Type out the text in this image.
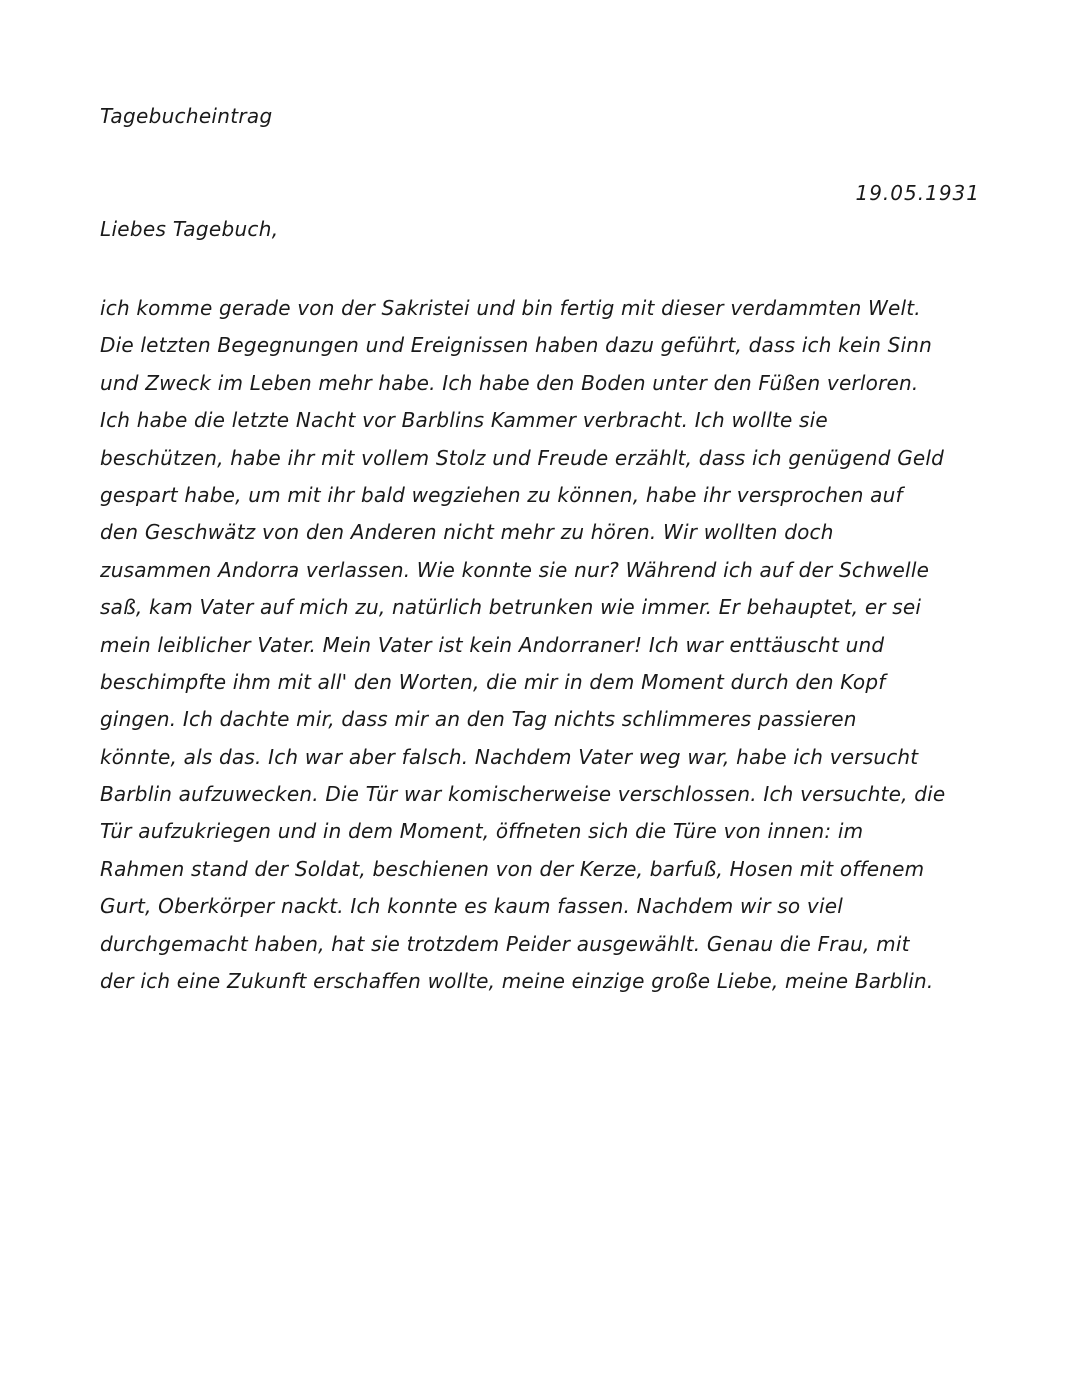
Tagebucheintrag
19.05.1931
Liebes Tagebuch,
ich komme gerade von der Sakristei und bin fertig mit dieser verdammten Welt.
Die letzten Begegnungen und Ereignissen haben dazu geführt, dass ich kein Sinn
und Zweck im Leben mehr habe. Ich habe den Boden unter den Füßen verloren.
Ich habe die letzte Nacht vor Barblins Kammer verbracht. Ich wollte sie
beschützen, habe ihr mit vollem Stolz und Freude erzählt, dass ich genügend Geld
gespart habe, um mit ihr bald wegziehen zu können, habe ihr versprochen auf
den Geschwätz von den Anderen nicht mehr zu hören. Wir wollten doch
zusammen Andorra verlassen. Wie konnte sie nur? Während ich auf der Schwelle
saß, kam Vater auf mich zu, natürlich betrunken wie immer. Er behauptet, er sei
mein leiblicher Vater. Mein Vater ist kein Andorraner! Ich war enttäuscht und
beschimpfte ihm mit all' den Worten, die mir in dem Moment durch den Kopf
gingen. Ich dachte mir, dass mir an den Tag nichts schlimmeres passieren
könnte, als das. Ich war aber falsch. Nachdem Vater weg war, habe ich versucht
Barblin aufzuwecken. Die Tür war komischerweise verschlossen. Ich versuchte, die
Tür aufzukriegen und in dem Moment, öffneten sich die Türe von innen: im
Rahmen stand der Soldat, beschienen von der Kerze, barfuß, Hosen mit offenem
Gurt, Oberkörper nackt. Ich konnte es kaum fassen. Nachdem wir so viel
durchgemacht haben, hat sie trotzdem Peider ausgewählt. Genau die Frau, mit
der ich eine Zukunft erschaffen wollte, meine einzige große Liebe, meine Barblin.
